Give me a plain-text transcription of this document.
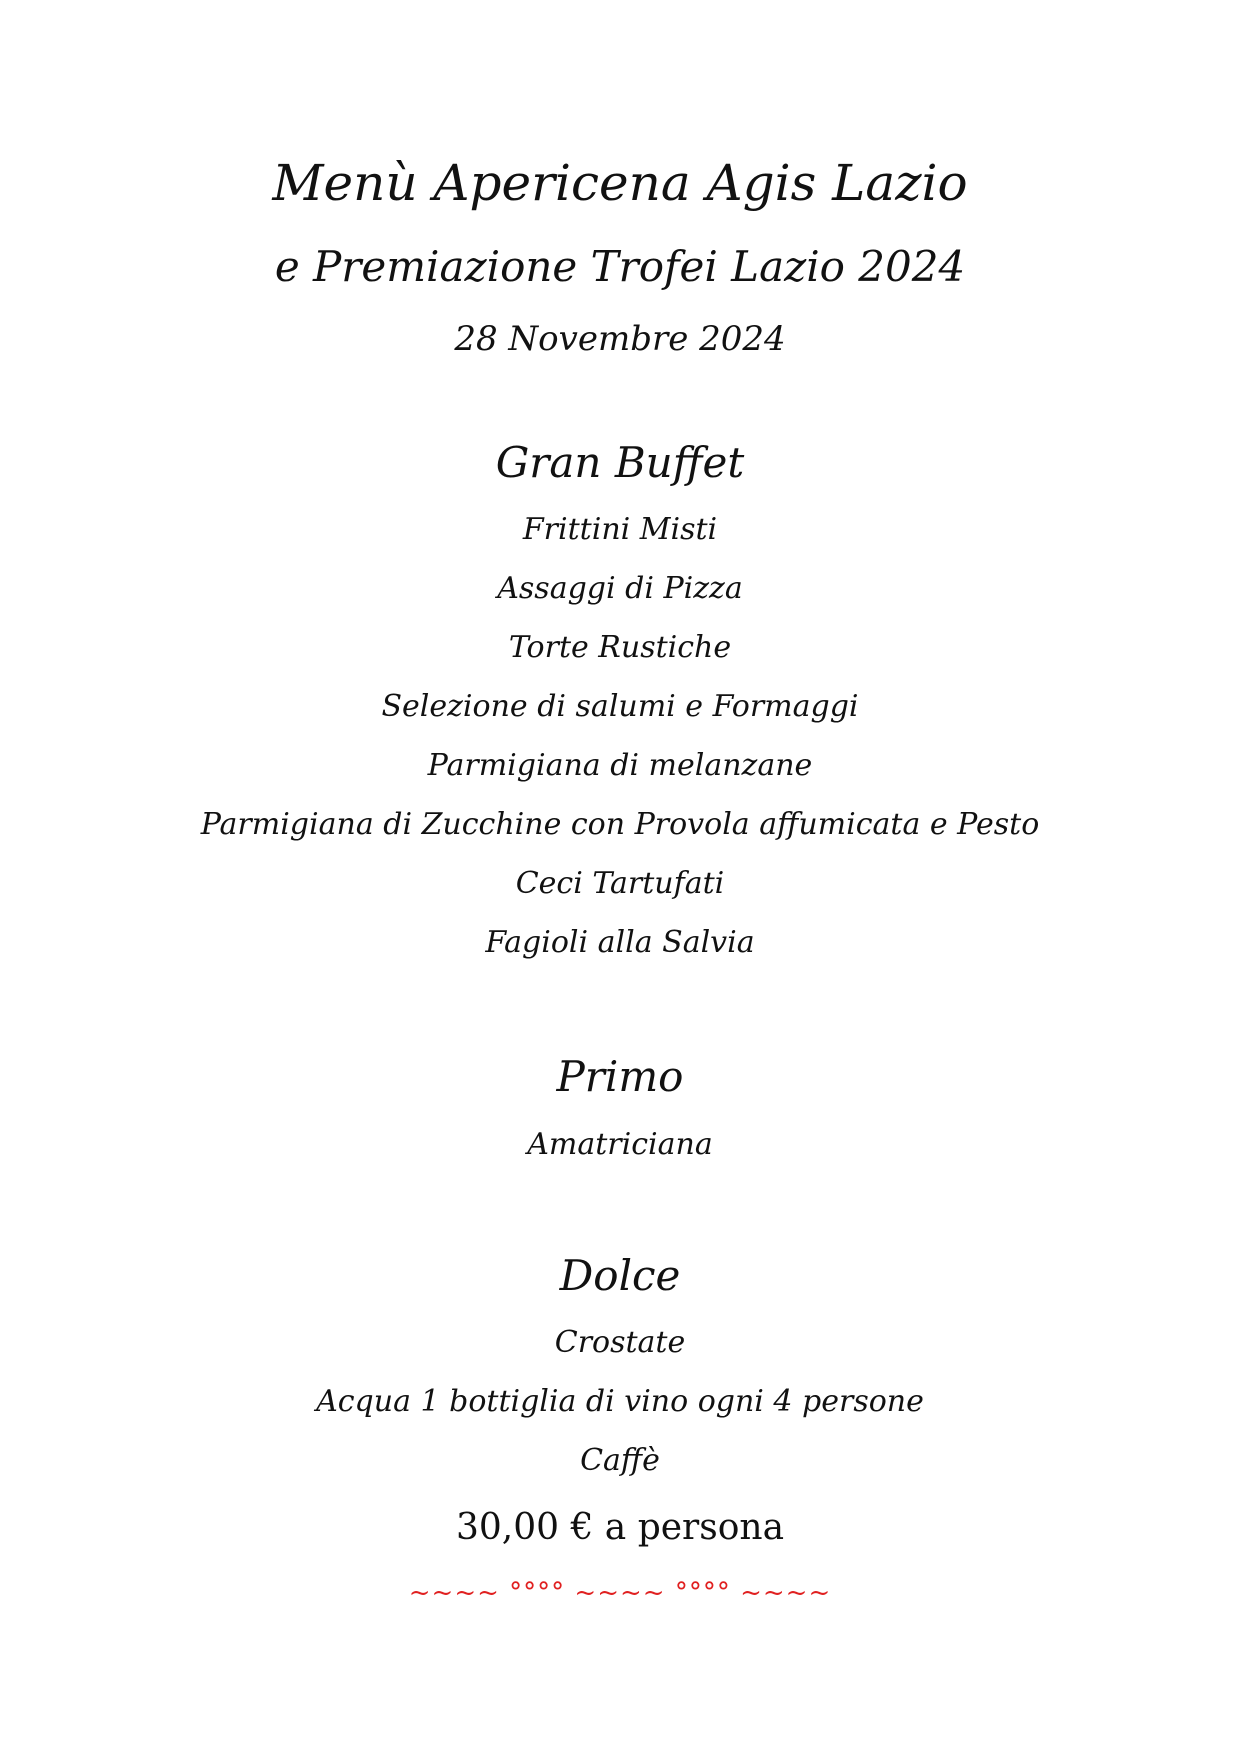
Menù Apericena Agis Lazio
e Premiazione Trofei Lazio 2024
28 Novembre 2024
Gran Buffet
Frittini Misti
Assaggi di Pizza
Torte Rustiche
Selezione di salumi e Formaggi
Parmigiana di melanzane
Parmigiana di Zucchine con Provola affumicata e Pesto
Ceci Tartufati
Fagioli alla Salvia
Primo
Amatriciana
Dolce
Crostate
Acqua 1 bottiglia di vino ogni 4 persone
Caffè
30,00 € a persona
~~~~ °°°° ~~~~ °°°° ~~~~
